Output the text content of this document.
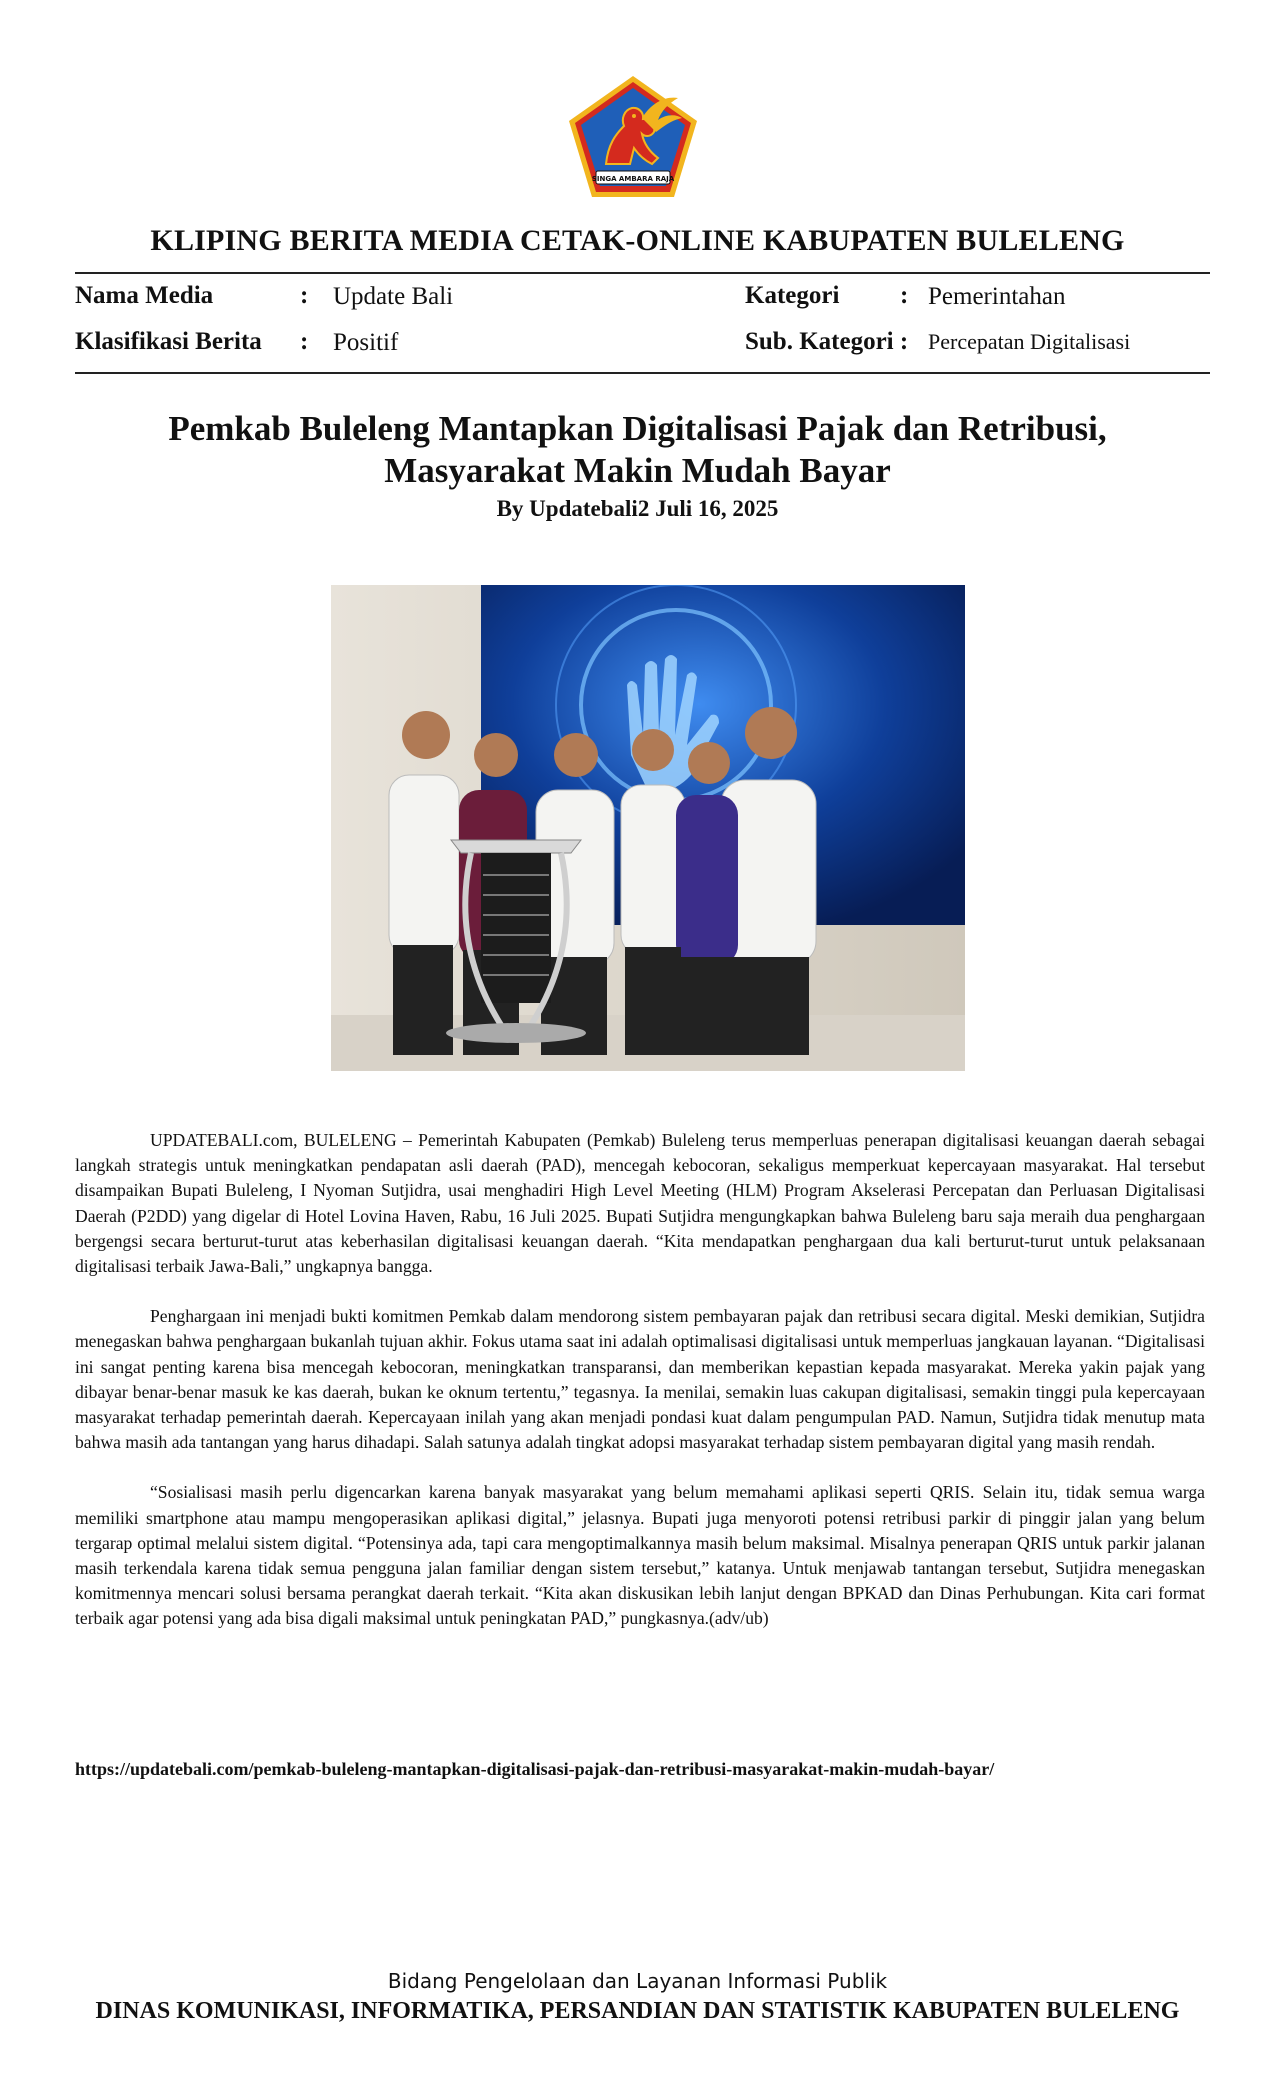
SINGA AMBARA RAJA
KLIPING BERITA MEDIA CETAK-ONLINE KABUPATEN BULELENG
Nama Media	: Update Bali
Klasifikasi Berita : Positif
Kategori : Pemerintahan
Sub. Kategori : Percepatan Digitalisasi
Pemkab Buleleng Mantapkan Digitalisasi Pajak dan Retribusi,
Masyarakat Makin Mudah Bayar
By Updatebali2 Juli 16, 2025

UPDATEBALI.com, BULELENG – Pemerintah Kabupaten (Pemkab) Buleleng terus memperluas penerapan digitalisasi keuangan daerah sebagai langkah strategis untuk meningkatkan pendapatan asli daerah (PAD), mencegah kebocoran, sekaligus memperkuat kepercayaan masyarakat. Hal tersebut disampaikan Bupati Buleleng, I Nyoman Sutjidra, usai menghadiri High Level Meeting (HLM) Program Akselerasi Percepatan dan Perluasan Digitalisasi Daerah (P2DD) yang digelar di Hotel Lovina Haven, Rabu, 16 Juli 2025. Bupati Sutjidra mengungkapkan bahwa Buleleng baru saja meraih dua penghargaan bergengsi secara berturut-turut atas keberhasilan digitalisasi keuangan daerah. “Kita mendapatkan penghargaan dua kali berturut-turut untuk pelaksanaan digitalisasi terbaik Jawa-Bali,” ungkapnya bangga.

Penghargaan ini menjadi bukti komitmen Pemkab dalam mendorong sistem pembayaran pajak dan retribusi secara digital. Meski demikian, Sutjidra menegaskan bahwa penghargaan bukanlah tujuan akhir. Fokus utama saat ini adalah optimalisasi digitalisasi untuk memperluas jangkauan layanan. “Digitalisasi ini sangat penting karena bisa mencegah kebocoran, meningkatkan transparansi, dan memberikan kepastian kepada masyarakat. Mereka yakin pajak yang dibayar benar-benar masuk ke kas daerah, bukan ke oknum tertentu,” tegasnya. Ia menilai, semakin luas cakupan digitalisasi, semakin tinggi pula kepercayaan masyarakat terhadap pemerintah daerah. Kepercayaan inilah yang akan menjadi pondasi kuat dalam pengumpulan PAD. Namun, Sutjidra tidak menutup mata bahwa masih ada tantangan yang harus dihadapi. Salah satunya adalah tingkat adopsi masyarakat terhadap sistem pembayaran digital yang masih rendah.

“Sosialisasi masih perlu digencarkan karena banyak masyarakat yang belum memahami aplikasi seperti QRIS. Selain itu, tidak semua warga memiliki smartphone atau mampu mengoperasikan aplikasi digital,” jelasnya. Bupati juga menyoroti potensi retribusi parkir di pinggir jalan yang belum tergarap optimal melalui sistem digital. “Potensinya ada, tapi cara mengoptimalkannya masih belum maksimal. Misalnya penerapan QRIS untuk parkir jalanan masih terkendala karena tidak semua pengguna jalan familiar dengan sistem tersebut,” katanya. Untuk menjawab tantangan tersebut, Sutjidra menegaskan komitmennya mencari solusi bersama perangkat daerah terkait. “Kita akan diskusikan lebih lanjut dengan BPKAD dan Dinas Perhubungan. Kita cari format terbaik agar potensi yang ada bisa digali maksimal untuk peningkatan PAD,” pungkasnya.(adv/ub)

https://updatebali.com/pemkab-buleleng-mantapkan-digitalisasi-pajak-dan-retribusi-masyarakat-makin-mudah-bayar/
Bidang Pengelolaan dan Layanan Informasi Publik
DINAS KOMUNIKASI, INFORMATIKA, PERSANDIAN DAN STATISTIK KABUPATEN BULELENG
